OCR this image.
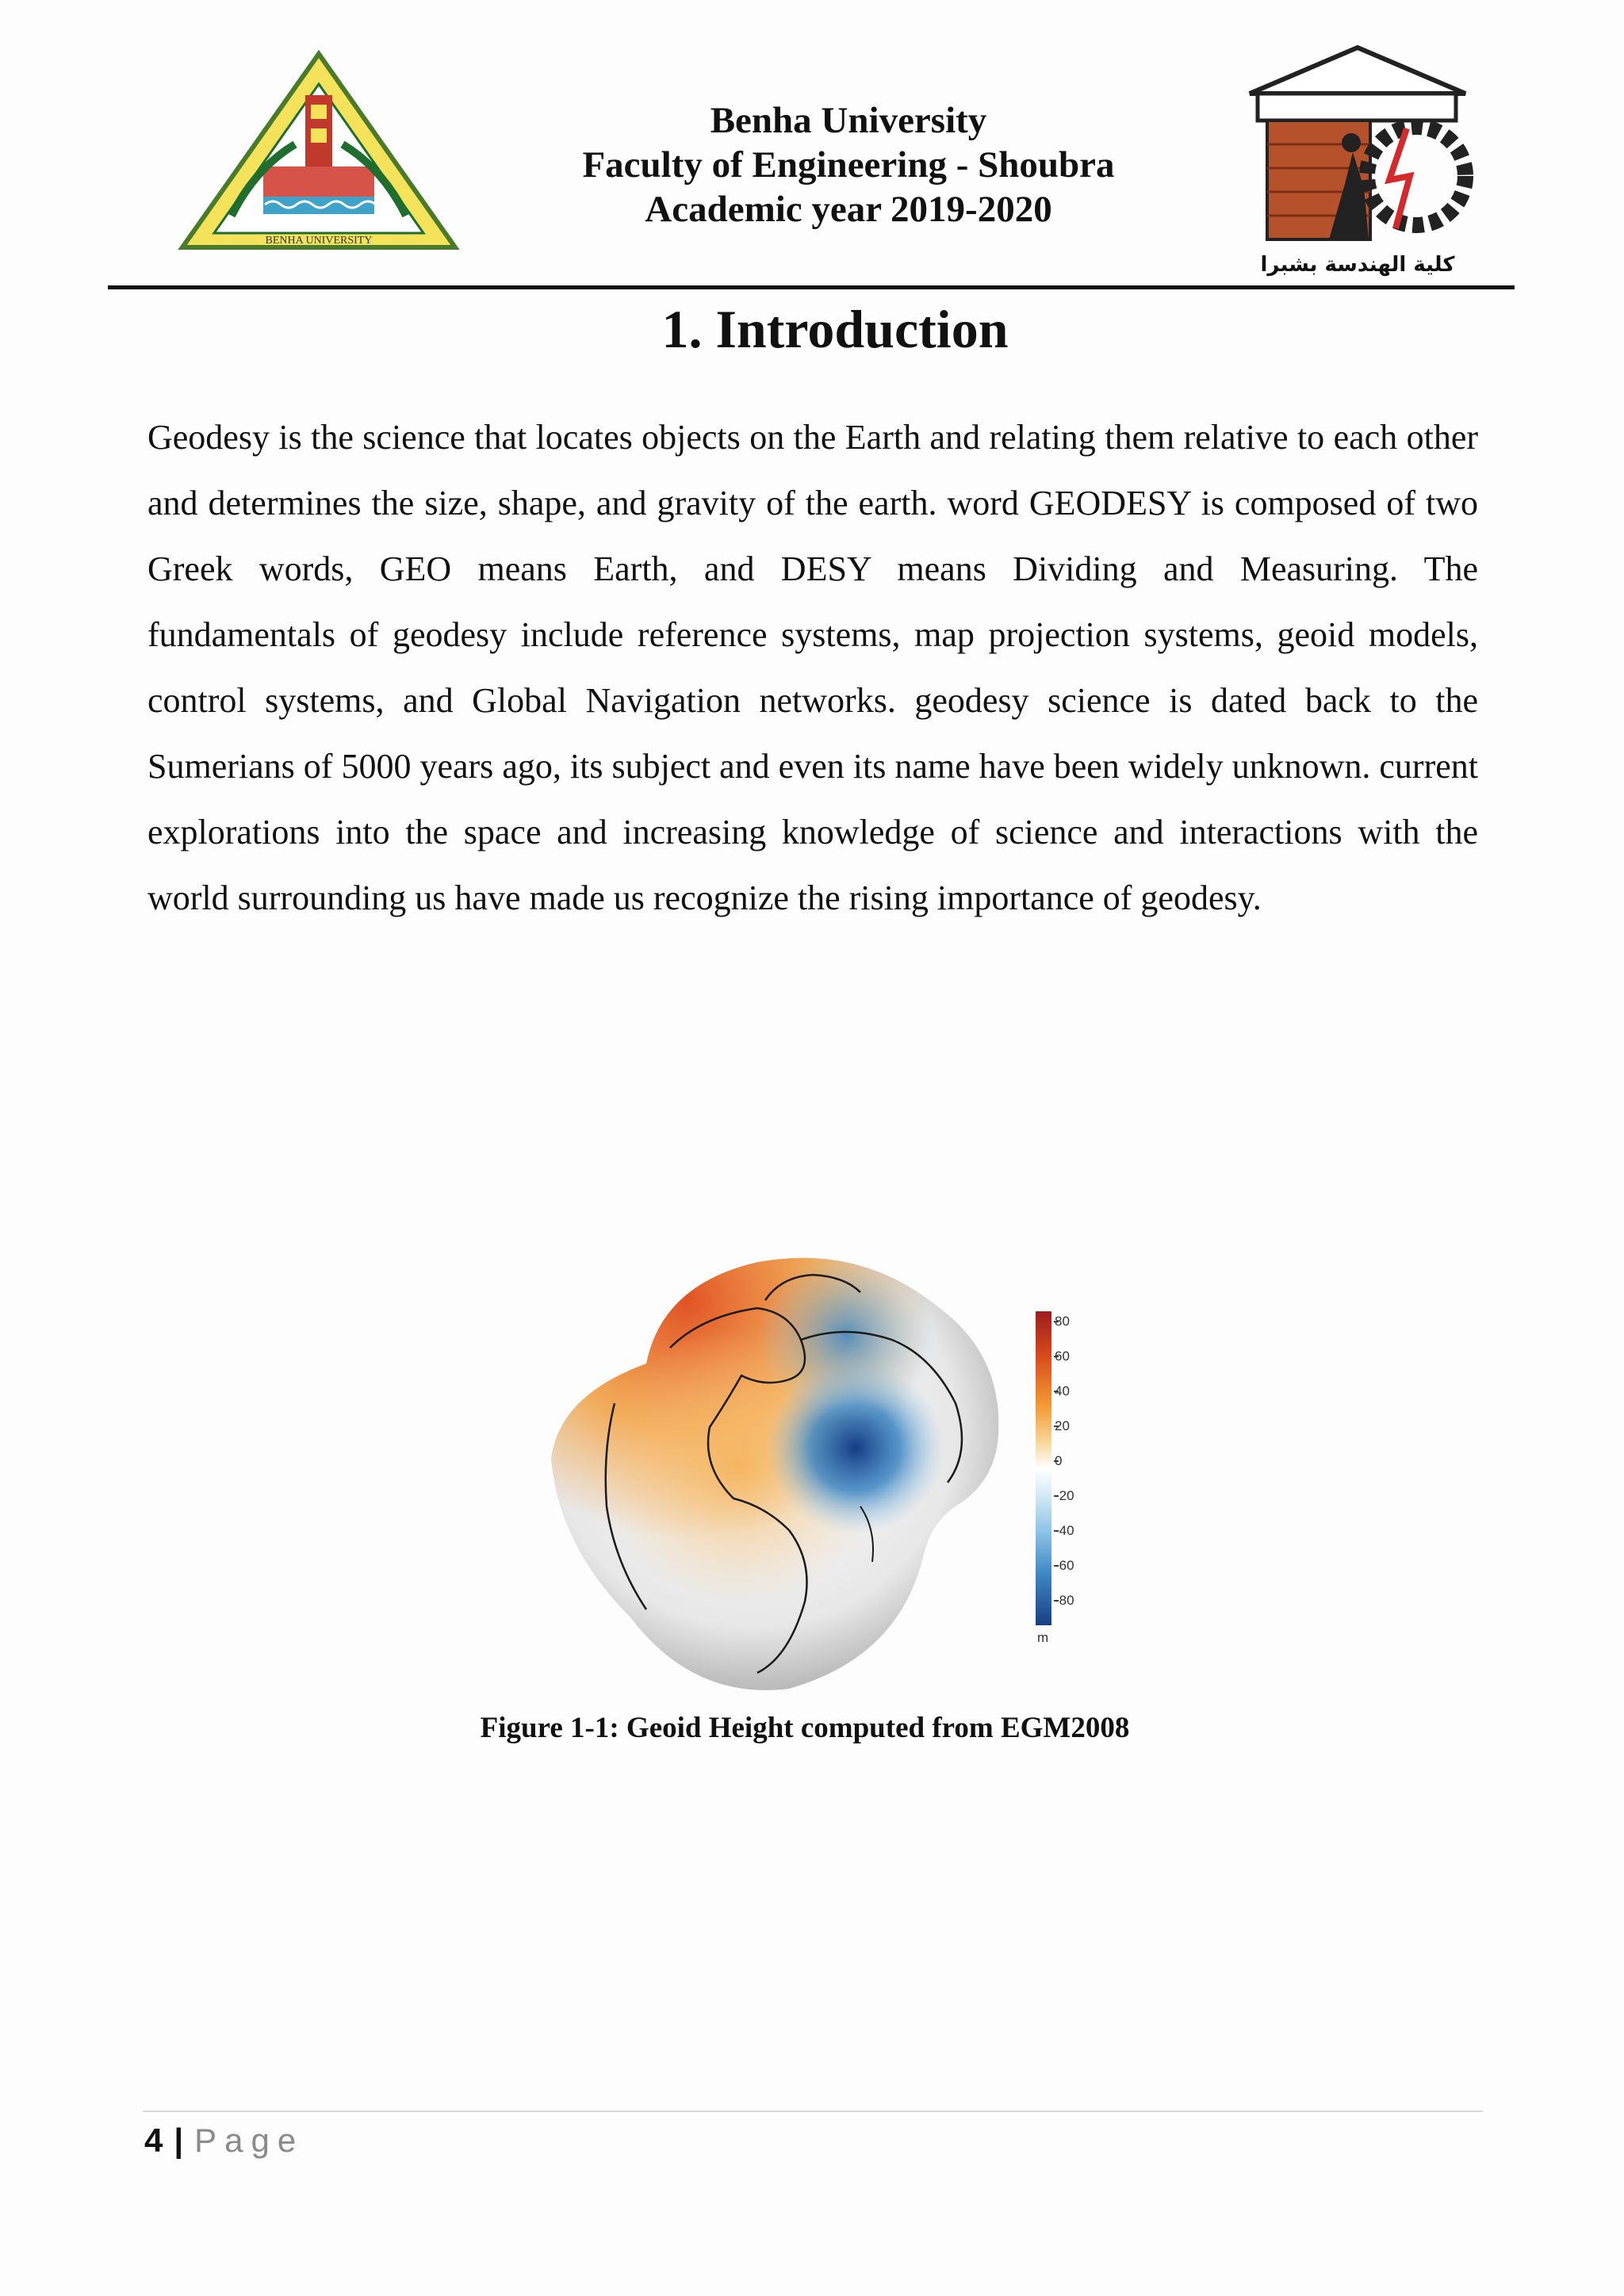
BENHA UNIVERSITY
Benha University
Faculty of Engineering - Shoubra
Academic year 2019-2020
كلية الهندسة بشبرا
1. Introduction

Geodesy is the science that locates objects on the Earth and relating them relative to each other and determines the size, shape, and gravity of the earth. word GEODESY is composed of two Greek words, GEO means Earth, and DESY means Dividing and Measuring. The fundamentals of geodesy include reference systems, map projection systems, geoid models, control systems, and Global Navigation networks. geodesy science is dated back to the Sumerians of 5000 years ago, its subject and even its name have been widely unknown. current explorations into the space and increasing knowledge of science and interactions with the world surrounding us have made us recognize the rising importance of geodesy.

80
60
40
20
0
-20
-40
-60
-80
m

Figure 1-1: Geoid Height computed from EGM2008

4 | Page
